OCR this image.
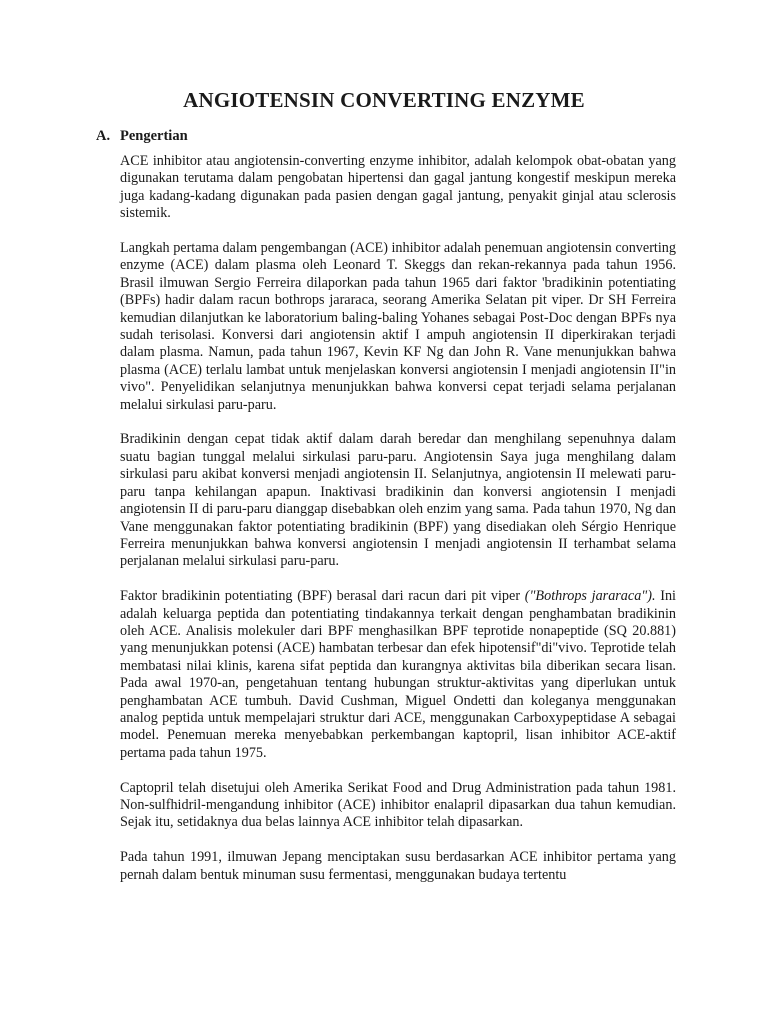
ANGIOTENSIN CONVERTING ENZYME
A. Pengertian

ACE inhibitor atau angiotensin-converting enzyme inhibitor, adalah kelompok obat-obatan yang digunakan terutama dalam pengobatan hipertensi dan gagal jantung kongestif meskipun mereka juga kadang-kadang digunakan pada pasien dengan gagal jantung, penyakit ginjal atau sclerosis sistemik.

Langkah pertama dalam pengembangan (ACE) inhibitor adalah penemuan angiotensin converting enzyme (ACE) dalam plasma oleh Leonard T. Skeggs dan rekan-rekannya pada tahun 1956. Brasil ilmuwan Sergio Ferreira dilaporkan pada tahun 1965 dari faktor 'bradikinin potentiating (BPFs) hadir dalam racun bothrops jararaca, seorang Amerika Selatan pit viper. Dr SH Ferreira kemudian dilanjutkan ke laboratorium baling-baling Yohanes sebagai Post-Doc dengan BPFs nya sudah terisolasi. Konversi dari angiotensin aktif I ampuh angiotensin II diperkirakan terjadi dalam plasma. Namun, pada tahun 1967, Kevin KF Ng dan John R. Vane menunjukkan bahwa plasma (ACE) terlalu lambat untuk menjelaskan konversi angiotensin I menjadi angiotensin II"in vivo". Penyelidikan selanjutnya menunjukkan bahwa konversi cepat terjadi selama perjalanan melalui sirkulasi paru-paru.

Bradikinin dengan cepat tidak aktif dalam darah beredar dan menghilang sepenuhnya dalam suatu bagian tunggal melalui sirkulasi paru-paru. Angiotensin Saya juga menghilang dalam sirkulasi paru akibat konversi menjadi angiotensin II. Selanjutnya, angiotensin II melewati paru-paru tanpa kehilangan apapun. Inaktivasi bradikinin dan konversi angiotensin I menjadi angiotensin II di paru-paru dianggap disebabkan oleh enzim yang sama. Pada tahun 1970, Ng dan Vane menggunakan faktor potentiating bradikinin (BPF) yang disediakan oleh Sérgio Henrique Ferreira menunjukkan bahwa konversi angiotensin I menjadi angiotensin II terhambat selama perjalanan melalui sirkulasi paru-paru.

Faktor bradikinin potentiating (BPF) berasal dari racun dari pit viper ("Bothrops jararaca"). Ini adalah keluarga peptida dan potentiating tindakannya terkait dengan penghambatan bradikinin oleh ACE. Analisis molekuler dari BPF menghasilkan BPF teprotide nonapeptide (SQ 20.881) yang menunjukkan potensi (ACE) hambatan terbesar dan efek hipotensif"di"vivo. Teprotide telah membatasi nilai klinis, karena sifat peptida dan kurangnya aktivitas bila diberikan secara lisan. Pada awal 1970-an, pengetahuan tentang hubungan struktur-aktivitas yang diperlukan untuk penghambatan ACE tumbuh. David Cushman, Miguel Ondetti dan koleganya menggunakan analog peptida untuk mempelajari struktur dari ACE, menggunakan Carboxypeptidase A sebagai model. Penemuan mereka menyebabkan perkembangan kaptopril, lisan inhibitor ACE-aktif pertama pada tahun 1975.

Captopril telah disetujui oleh Amerika Serikat Food and Drug Administration pada tahun 1981. Non-sulfhidril-mengandung inhibitor (ACE) inhibitor enalapril dipasarkan dua tahun kemudian. Sejak itu, setidaknya dua belas lainnya ACE inhibitor telah dipasarkan.

Pada tahun 1991, ilmuwan Jepang menciptakan susu berdasarkan ACE inhibitor pertama yang pernah dalam bentuk minuman susu fermentasi, menggunakan budaya tertentu
